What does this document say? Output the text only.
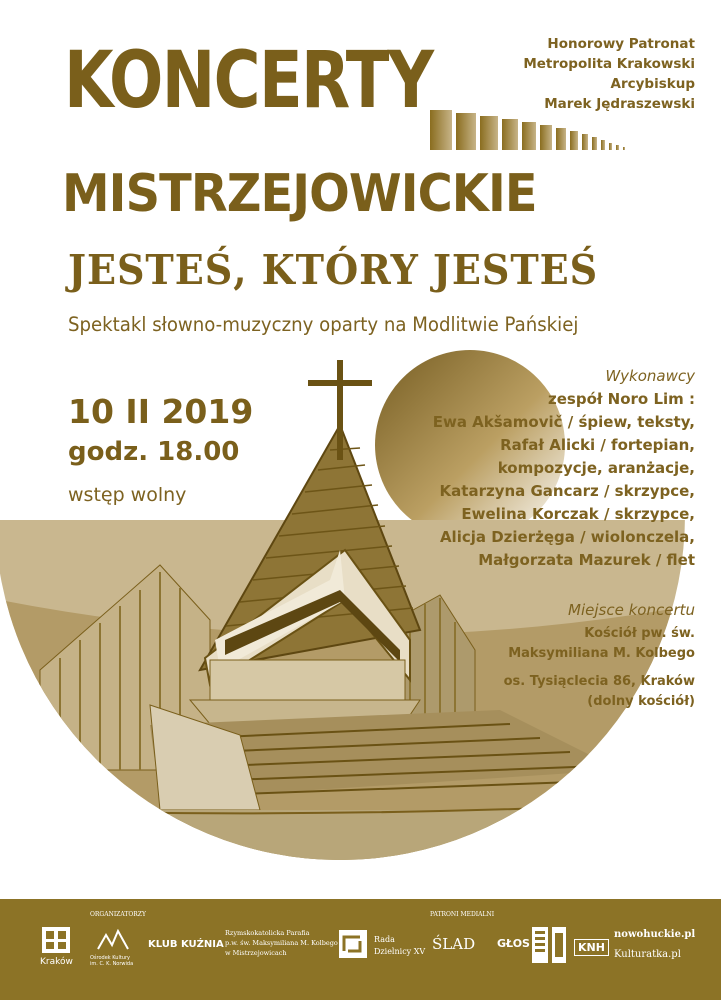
Honorowy Patronat
Metropolita Krakowski
Arcybiskup
Marek Jędraszewski
KONCERTY
MISTRZEJOWICKIE
JESTEŚ, KTÓRY JESTEŚ
Spektakl słowno-muzyczny oparty na Modlitwie Pańskiej
10 II 2019
godz. 18.00
wstęp wolny
Wykonawcy
zespół Noro Lim :
Ewa Akšamovič / śpiew, teksty,
Rafał Alicki / fortepian,
kompozycje, aranżacje,
Katarzyna Gancarz / skrzypce,
Ewelina Korczak / skrzypce,
Alicja Dzierżęga / wiolonczela,
Małgorzata Mazurek / flet
Miejsce koncertu
Kościół pw. św.
Maksymiliana M. Kolbego
os. Tysiąclecia 86, Kraków
(dolny kościół)
ORGANIZATORZY	PATRONI MEDIALNI
Kraków	Ośrodek Kultury im. C. K. Norwida
KLUB KUŹNIA
Rzymskokatolicka Parafia
p.w. św. Maksymiliana M. Kolbego
w Mistrzejowicach
Rada
Dzielnicy XV ŚLAD GŁOS	KNH
nowohuckie.pl
Kulturatka.pl
